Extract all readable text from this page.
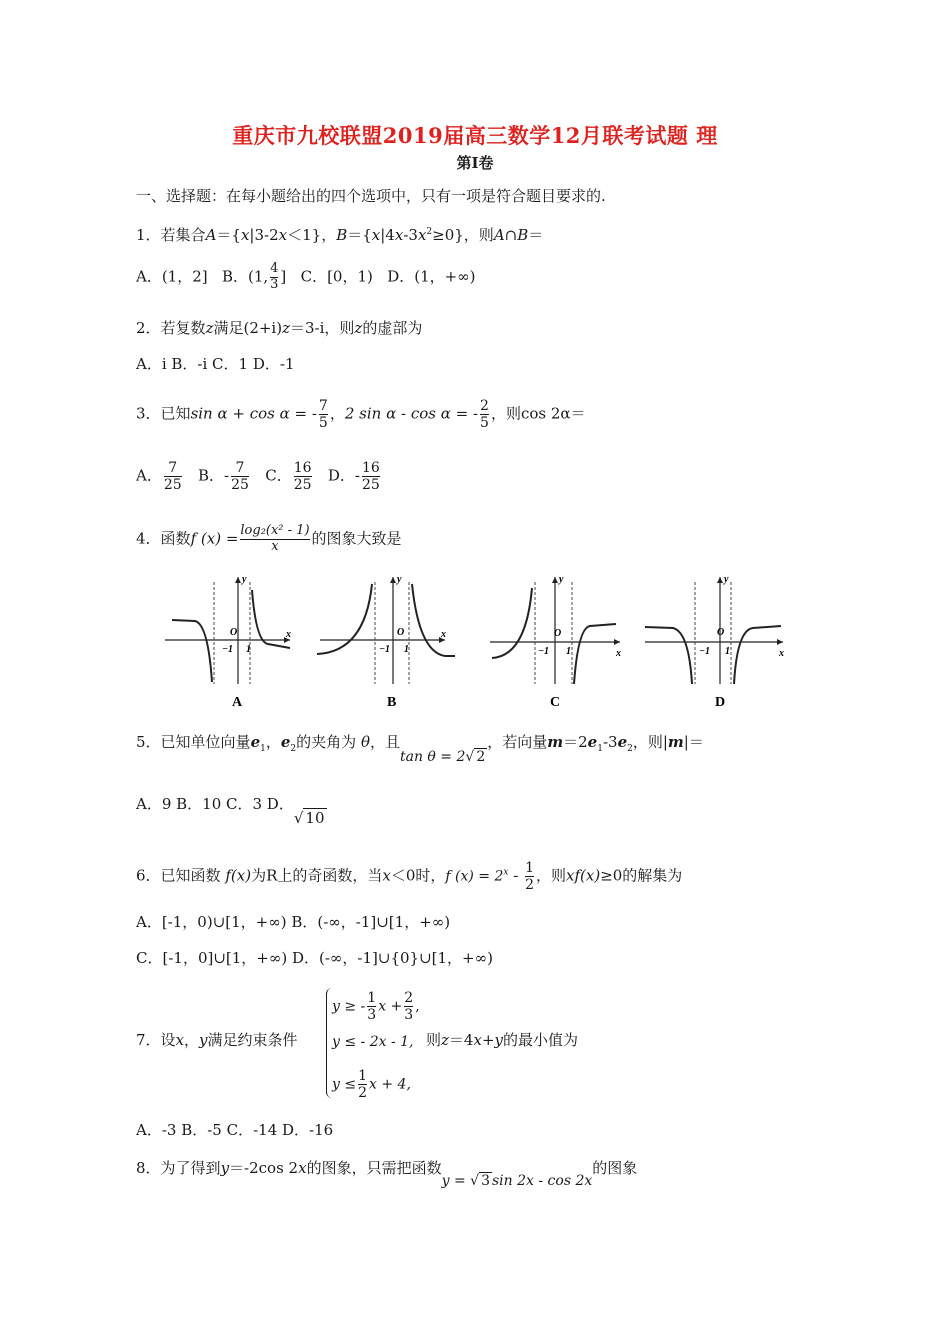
重庆市九校联盟2019届高三数学12月联考试题 理
第I卷
一、选择题：在每小题给出的四个选项中，只有一项是符合题目要求的.
1．若集合A＝{x|3-2x＜1}，$B=\{x|4x-3x^2\ge 0\}$，则A∩B＝
A．(1，2] B．(1, $\frac{4}{3}$ ] C．[0，1) D．(1，+∞)
2．若复数z满足(2+i)z＝3-i，则z的虚部为
A．i B．-i C．1 D．-1
3．已知sin α + cos α = - $\frac{7}{5}$ ，2 sin α - cos α = - $\frac{2}{5}$ ，则cos 2α＝
A． $\frac{7}{25}$ B．- $\frac{7}{25}$ C． $\frac{16}{25}$ D．- $\frac{16}{25}$
4．函数f $(x) = \frac{\text{log₂(x² - 1)}}{x}$ 的图象大致是
y
x
O
−1 1
A
y
x
O
−1 1
B
y
x
O
−1 1
C
y
x
O
−1 1
D
5．已知单位向量$e_1$，$e_2$的夹角为 θ，且tan θ = 2√ 2，若向量$m=2e_1-3e_2$，则|m|＝
A．9 B．10 C．3 D．√ 10
6．已知函数 f(x)为R上的奇函数，当x＜0时，f $(x) = 2^x - \frac{1}{2}$ ，则xf(x)≥0的解集为
A．[-1，0)∪[1，+∞) B．(-∞，-1]∪[1，+∞)
C．[-1，0]∪[1，+∞) D．(-∞，-1]∪{0}∪[1，+∞)
7．设x，y满足约束条件
y ≥ - $\frac{1}{3}$ $x + \frac{2}{3}$ ,
y ≤ - 2x - 1,
$y \le \frac{1}{2}$ x + 4,
则z＝4x+y的最小值为
A．-3 B．-5 C．-14 D．-16
8．为了得到y＝-2cos 2x的图象，只需把函数y = √ 3 sin 2x - cos 2x的图象
